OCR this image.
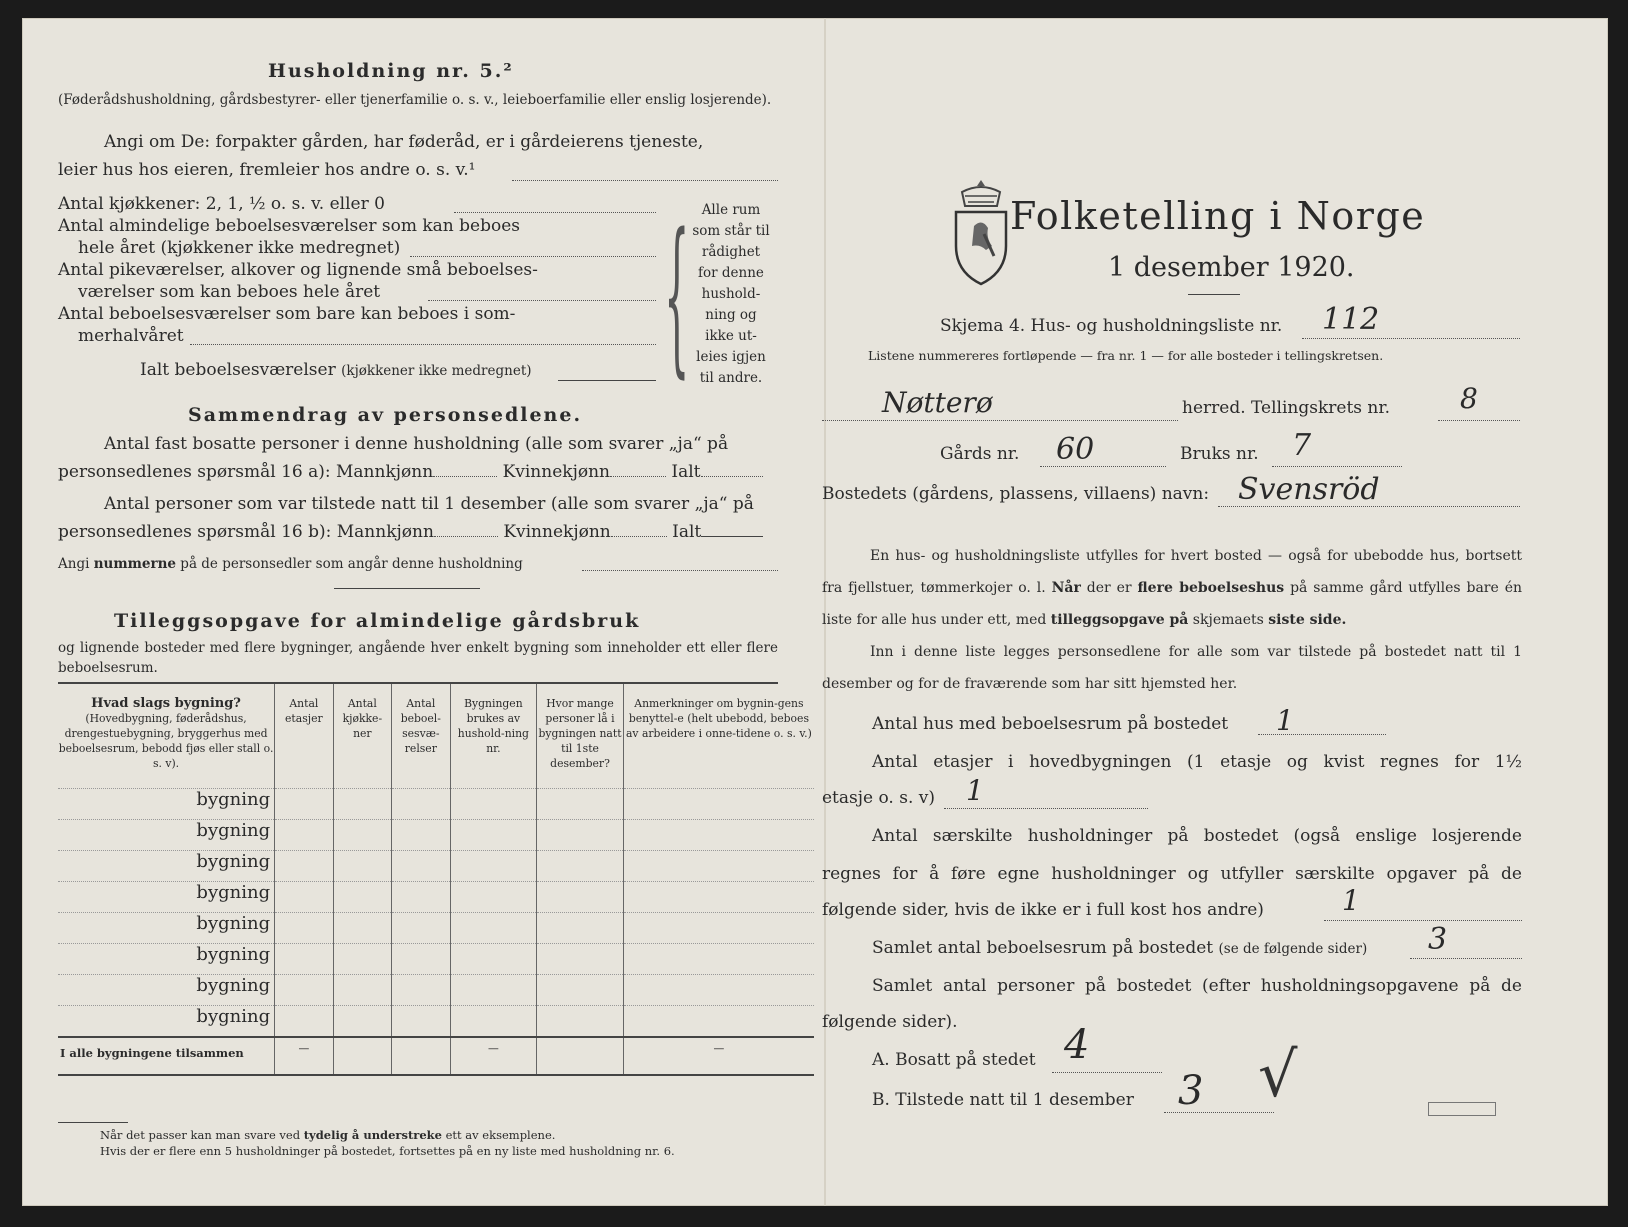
Husholdning nr. 5.²
(Føderådshusholdning, gårdsbestyrer- eller tjenerfamilie o. s. v., leieboerfamilie eller enslig losjerende).
Angi om De: forpakter gården, har føderåd, er i gårdeierens tjeneste,
leier hus hos eieren, fremleier hos andre o. s. v.¹
Antal kjøkkener: 2, 1, ½ o. s. v. eller 0
Antal almindelige beboelsesværelser som kan beboes
hele året (kjøkkener ikke medregnet)
Antal pikeværelser, alkover og lignende små beboelses-
værelser som kan beboes hele året
Antal beboelsesværelser som bare kan beboes i som-
merhalvåret	{ Alle rum
som står til
rådighet
for denne
hushold-
ning og
ikke ut-
leies igjen
til andre.
Ialt beboelsesværelser (kjøkkener ikke medregnet)
Sammendrag av personsedlene.
Antal fast bosatte personer i denne husholdning (alle som svarer „ja“ på
personsedlenes spørsmål 16 a): Mannkjønn	Kvinnekjønn	Ialt
Antal personer som var tilstede natt til 1 desember (alle som svarer „ja“ på
personsedlenes spørsmål 16 b): Mannkjønn	Kvinnekjønn	Ialt
Angi nummerne på de personsedler som angår denne husholdning
Tilleggsopgave for almindelige gårdsbruk
og lignende bosteder med flere bygninger, angående hver enkelt bygning som inneholder ett eller flere beboelsesrum.
Hvad slags bygning?
(Hovedbygning, føderådshus, drengestuebygning, bryggerhus med beboelsesrum, bebodd fjøs eller stall o. s. v).	Antal etasjer	Antal kjøkke-ner	Antal beboel-sesvæ-relser	Bygningen brukes av hushold-ning nr.	Hvor mange personer lå i bygningen natt til 1ste desember?	Anmerkninger om bygnin-gens benyttel-e (helt ubebodd, beboes av arbeidere i onne-tidene o. s. v.)
bygning						
bygning						
bygning						
bygning						
bygning						
bygning						
bygning						
bygning						
I alle bygningene tilsammen	—			—		—
Når det passer kan man svare ved tydelig å understreke ett av eksemplene.
Hvis der er flere enn 5 husholdninger på bostedet, fortsettes på en ny liste med husholdning nr. 6.
Folketelling i Norge
1 desember 1920.
Skjema 4. Hus- og husholdningsliste nr. 112
Listene nummereres fortløpende — fra nr. 1 — for alle bosteder i tellingskretsen.
Nøtterø	herred. Tellingskrets nr. 8
Gårds nr. 60	Bruks nr. 7
Bostedets (gårdens, plassens, villaens) navn: Svensröd
En hus- og husholdningsliste utfylles for hvert bosted — også for ubebodde hus, bortsett fra fjellstuer, tømmerkojer o. l. Når der er flere beboelseshus på samme gård utfylles bare én liste for alle hus under ett, med tilleggsopgave på skjemaets siste side.
Inn i denne liste legges personsedlene for alle som var tilstede på bostedet natt til 1 desember og for de fraværende som har sitt hjemsted her.
Antal hus med beboelsesrum på bostedet 1
Antal etasjer i hovedbygningen (1 etasje og kvist regnes for 1½
etasje o. s. v) 1
Antal særskilte husholdninger på bostedet (også enslige losjerende
regnes for å føre egne husholdninger og utfyller særskilte opgaver på de
følgende sider, hvis de ikke er i full kost hos andre)	1
Samlet antal beboelsesrum på bostedet (se de følgende sider) 3
Samlet antal personer på bostedet (efter husholdningsopgavene på de
følgende sider).
A. Bosatt på stedet 4
B. Tilstede natt til 1 desember 3 √
